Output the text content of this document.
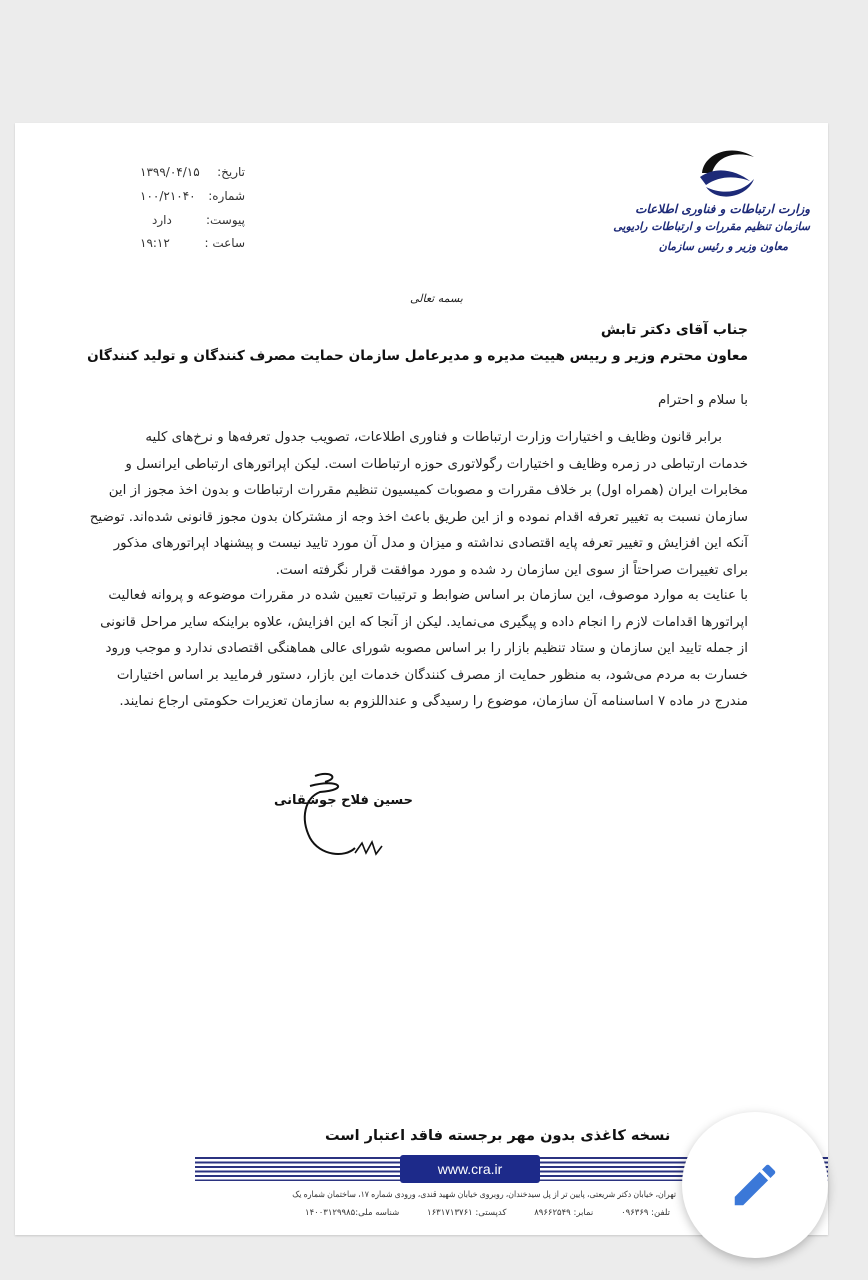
وزارت ارتباطات و فناوری اطلاعات
سازمان تنظیم مقررات و ارتباطات رادیویی
معاون وزیر و رئیس سازمان
تاریخ:
۱۳۹۹/۰۴/۱۵
شماره:
۱۰۰/۲۱۰۴۰
پیوست:
دارد
ساعت :
۱۹:۱۲
بسمه تعالی
جناب آقای دکتر تابش
معاون محترم وزیر و رییس هییت مدیره و مدیرعامل سازمان حمایت مصرف کنندگان و تولید کنندگان
با سلام و احترام
برابر قانون وظایف و اختیارات وزارت ارتباطات و فناوری اطلاعات، تصویب جدول تعرفه‌ها و نرخ‌های کلیه
خدمات ارتباطی در زمره وظایف و اختیارات رگولاتوری حوزه ارتباطات است. لیکن اپراتورهای ارتباطی ایرانسل و
مخابرات ایران (همراه اول) بر خلاف مقررات و مصوبات کمیسیون تنظیم مقررات ارتباطات و بدون اخذ مجوز از این
سازمان نسبت به تغییر تعرفه اقدام نموده و از این طریق باعث اخذ وجه از مشترکان بدون مجوز قانونی شده‌اند. توضیح
آنکه این افزایش و تغییر تعرفه پایه اقتصادی نداشته و میزان و مدل آن مورد تایید نیست و پیشنهاد اپراتورهای مذکور
برای تغییرات صراحتاً از سوی این سازمان رد شده و مورد موافقت قرار نگرفته است.
با عنایت به موارد موصوف، این سازمان بر اساس ضوابط و ترتیبات تعیین شده در مقررات موضوعه و پروانه فعالیت
اپراتورها اقدامات لازم را انجام داده و پیگیری می‌نماید. لیکن از آنجا که این افزایش، علاوه براینکه سایر مراحل قانونی
از جمله تایید این سازمان و ستاد تنظیم بازار را بر اساس مصوبه شورای عالی هماهنگی اقتصادی ندارد و موجب ورود
خسارت به مردم می‌شود، به منظور حمایت از مصرف کنندگان خدمات این بازار، دستور فرمایید بر اساس اختیارات
مندرج در ماده ۷ اساسنامه آن سازمان، موضوع را رسیدگی و عنداللزوم به سازمان تعزیرات حکومتی ارجاع نمایند.
حسین فلاح جوشقانی
نسخه کاغذی بدون مهر برجسته فاقد اعتبار است
www.cra.ir
تهران، خیابان دکتر شریعتی، پایین تر از پل سیدخندان، روبروی خیابان شهید قندی، ورودی شماره ۱۷، ساختمان شماره یک
تلفن: ۰۹۶۳۶۹
نمابر: ۸۹۶۶۲۵۴۹
کدپستی: ۱۶۳۱۷۱۳۷۶۱
شناسه ملی:۱۴۰۰۳۱۲۹۹۸۵
